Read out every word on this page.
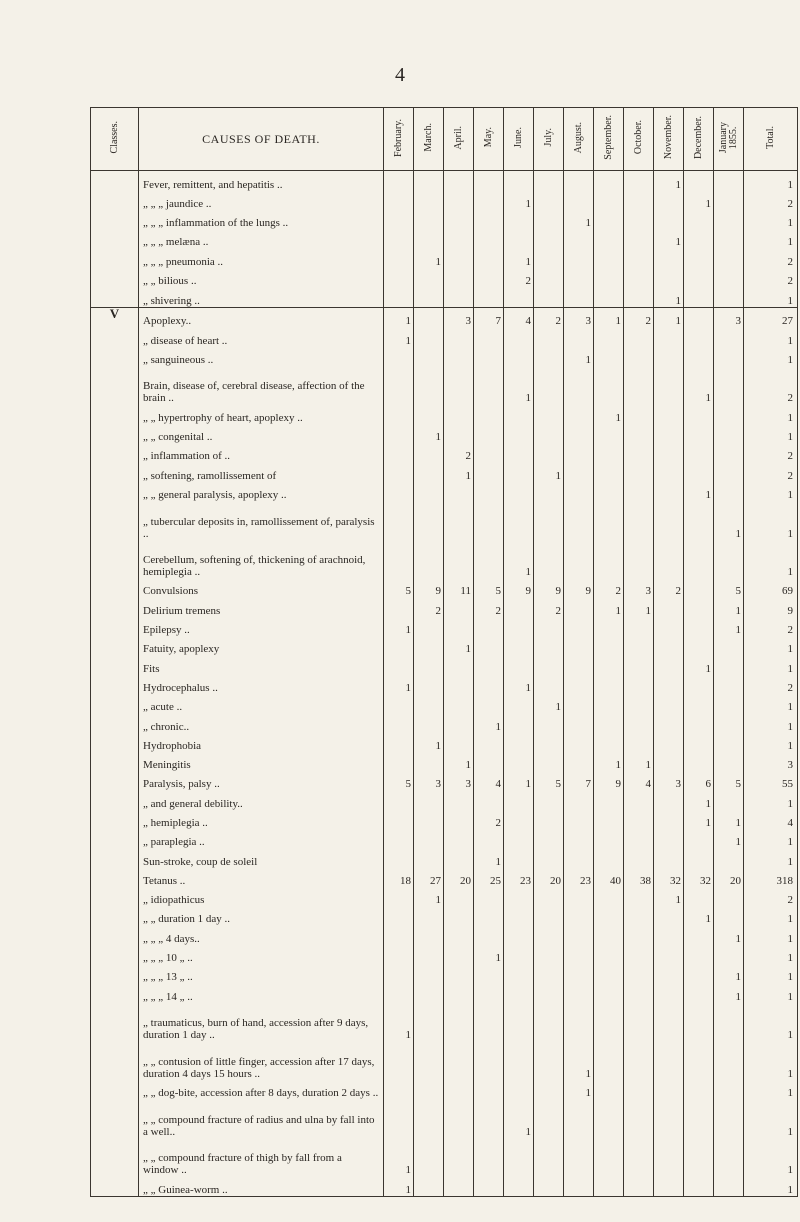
4
Classes.	CAUSES OF DEATH.	February.	March.	April.	May.	June.	July.	August.	September.	October.	November.	December.	January
1855.	Total.
	Fever, remittent, and hepatitis ..										1			1
	„ „ „ jaundice ..					1						1		2
	„ „ „ inflammation of the lungs ..							1						1
	„ „ „ melæna ..										1			1
	„ „ „ pneumonia ..		1			1								2
	„ „ bilious ..					2								2
	„ shivering ..										1			1
V	Apoplexy..	1		3	7	4	2	3	1	2	1		3	27
	„ disease of heart ..	1												1
	„ sanguineous ..							1						1
	Brain, disease of, cerebral disease, affection of the brain ..					1						1		2
	„ „ hypertrophy of heart, apoplexy ..								1					1
	„ „ congenital ..		1											1
	„ inflammation of ..			2										2
	„ softening, ramollissement of			1			1							2
	„ „ general paralysis, apoplexy ..											1		1
	„ tubercular deposits in, ramollissement of, paralysis ..												1	1
	Cerebellum, softening of, thickening of arachnoid, hemiplegia ..					1								1
	Convulsions	5	9	11	5	9	9	9	2	3	2		5	69
	Delirium tremens		2		2		2		1	1			1	9
	Epilepsy ..	1											1	2
	Fatuity, apoplexy			1										1
	Fits											1		1
	Hydrocephalus ..	1				1								2
	„ acute ..						1							1
	„ chronic..				1									1
	Hydrophobia		1											1
	Meningitis			1					1	1				3
	Paralysis, palsy ..	5	3	3	4	1	5	7	9	4	3	6	5	55
	„ and general debility..											1		1
	„ hemiplegia ..				2							1	1	4
	„ paraplegia ..												1	1
	Sun-stroke, coup de soleil				1									1
	Tetanus ..	18	27	20	25	23	20	23	40	38	32	32	20	318
	„ idiopathicus		1								1			2
	„ „ duration 1 day ..											1		1
	„ „ „ 4 days..												1	1
	„ „ „ 10 „ ..				1									1
	„ „ „ 13 „ ..												1	1
	„ „ „ 14 „ ..												1	1
	„ traumaticus, burn of hand, accession after 9 days, duration 1 day ..	1												1
	„ „ contusion of little finger, accession after 17 days, duration 4 days 15 hours ..							1						1
	„ „ dog-bite, accession after 8 days, duration 2 days ..							1						1
	„ „ compound fracture of radius and ulna by fall into a well..					1								1
	„ „ compound fracture of thigh by fall from a window ..	1												1
	„ „ Guinea-worm ..	1												1
